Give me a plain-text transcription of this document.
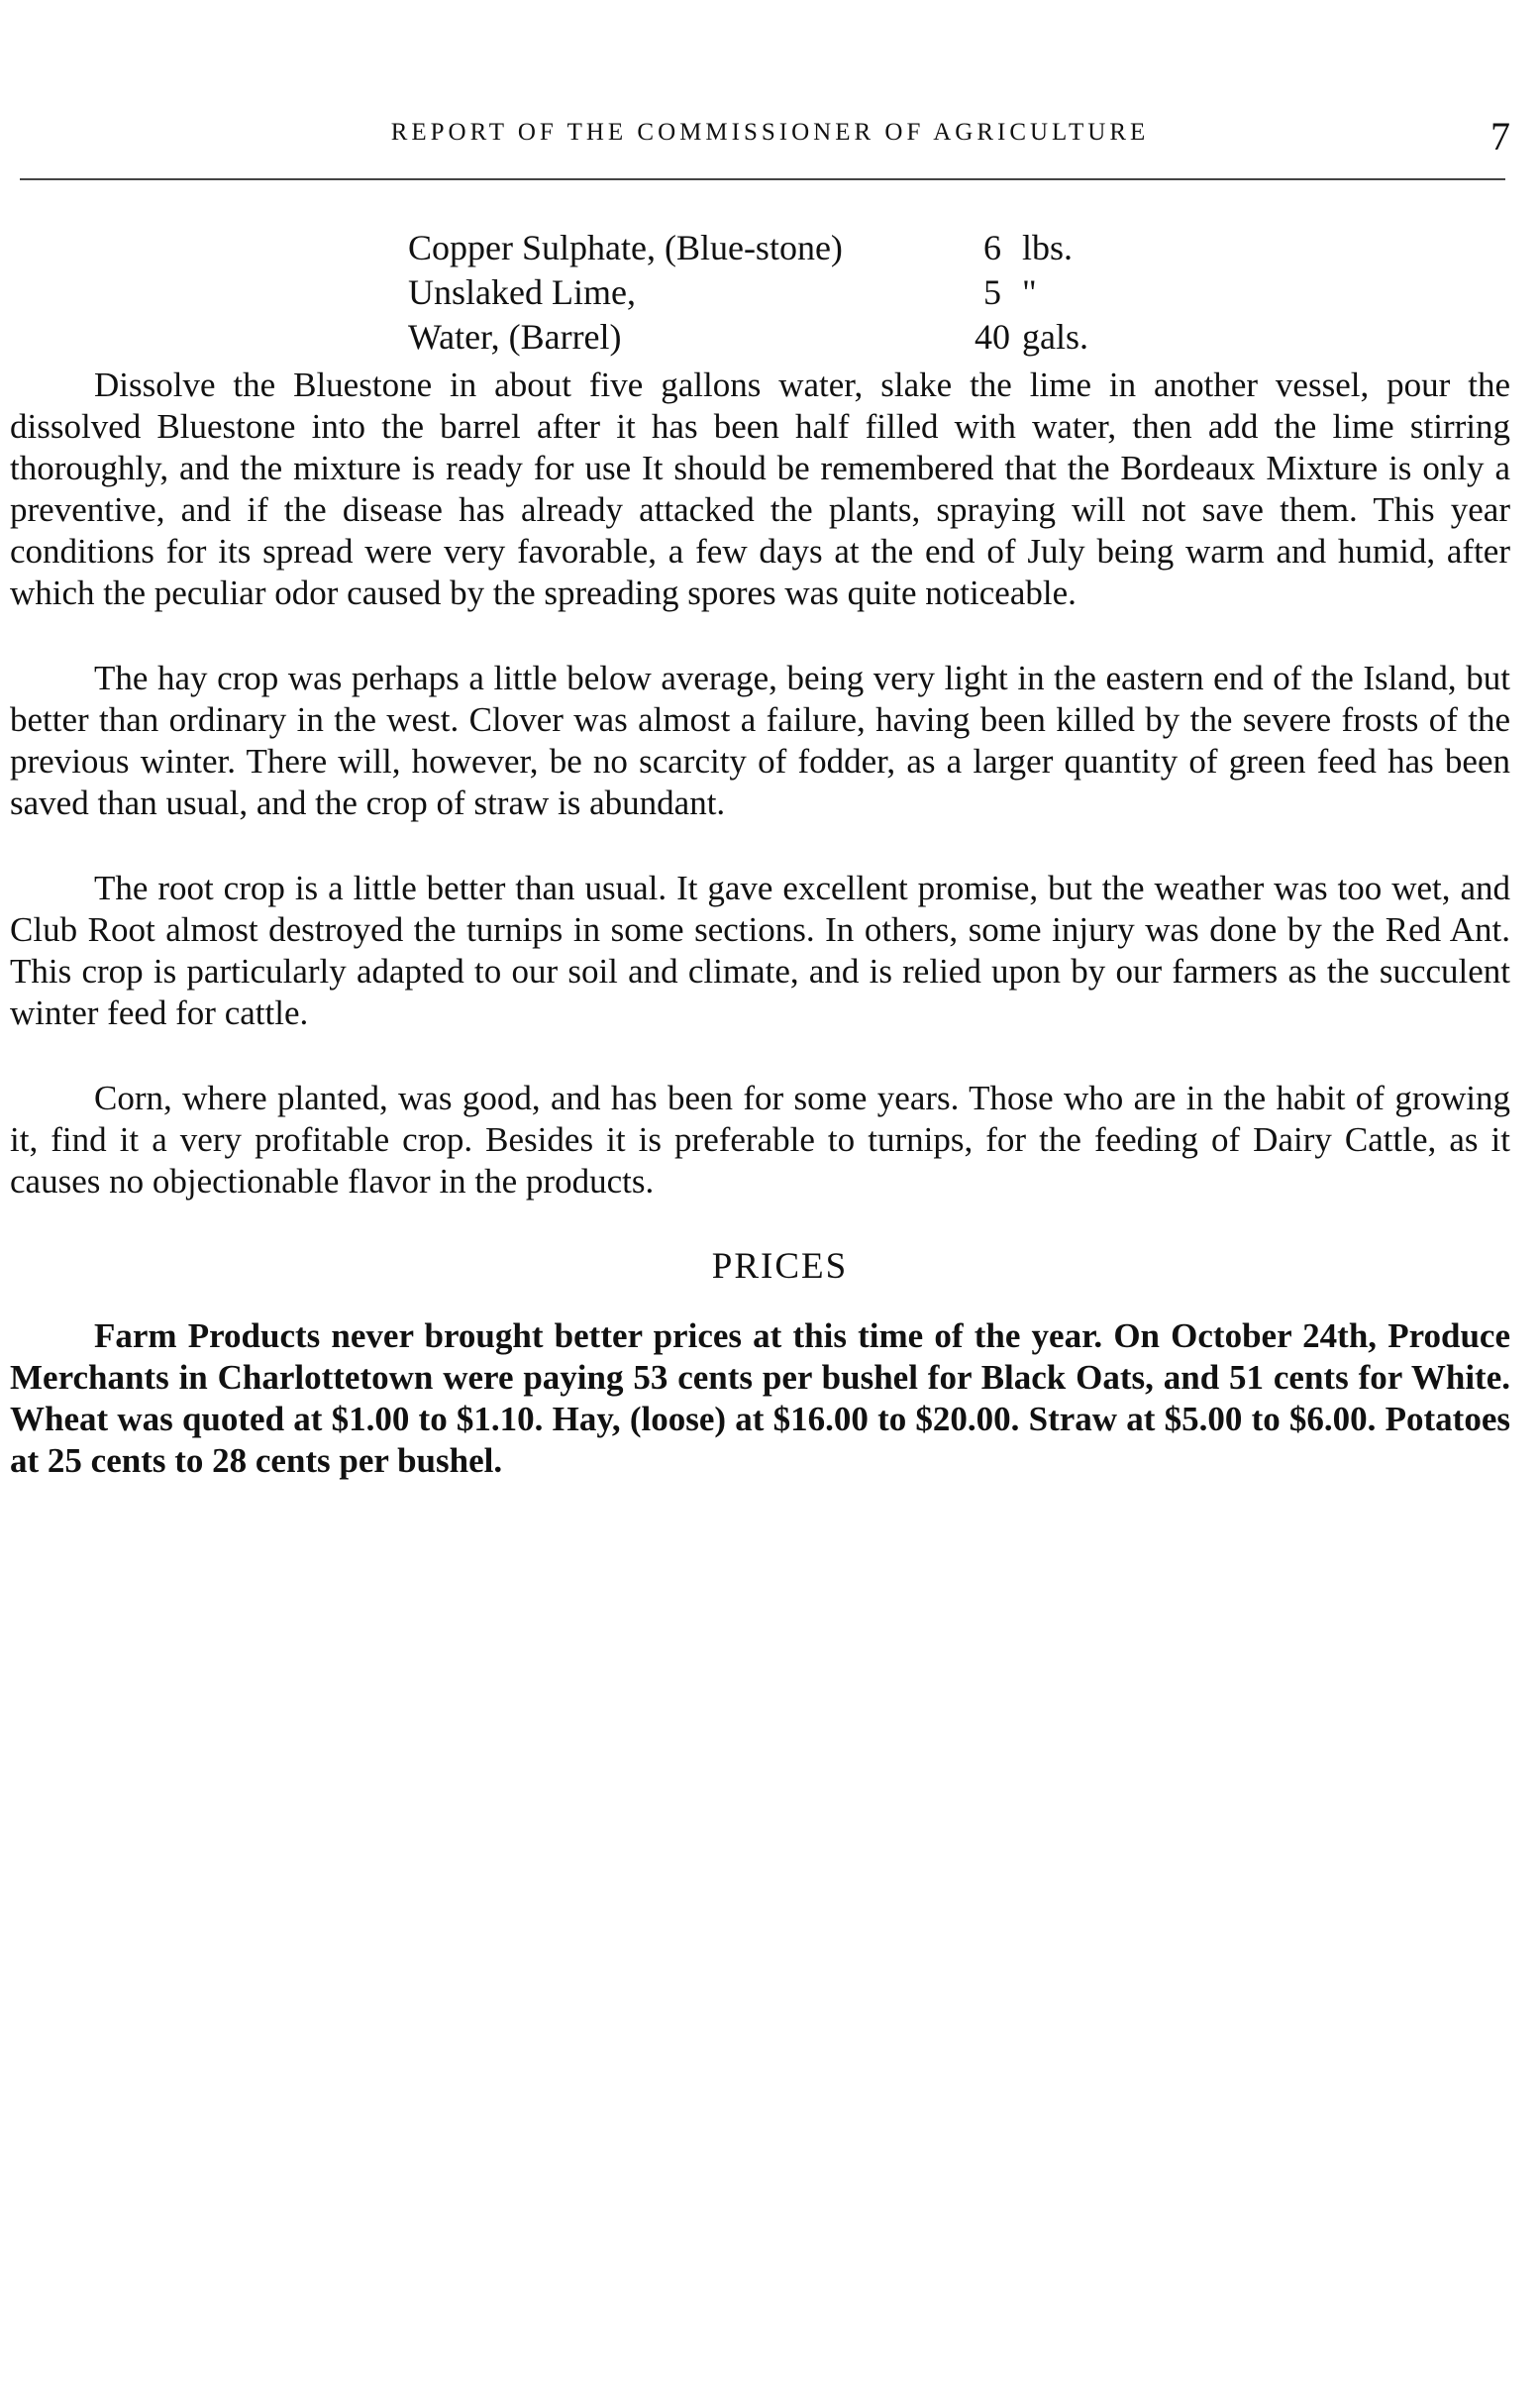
REPORT OF THE COMMISSIONER OF AGRICULTURE	7
Copper Sulphate, (Blue-stone)	6 lbs.
Unslaked Lime,	5 "
Water, (Barrel)	40 gals.

Dissolve the Bluestone in about five gallons water, slake the lime in another vessel, pour the dissolved Bluestone into the barrel after it has been half filled with water, then add the lime stirring thoroughly, and the mixture is ready for use It should be remembered that the Bordeaux Mixture is only a preventive, and if the disease has already attacked the plants, spraying will not save them. This year conditions for its spread were very favorable, a few days at the end of July being warm and humid, after which the peculiar odor caused by the spreading spores was quite noticeable.

The hay crop was perhaps a little below average, being very light in the eastern end of the Island, but better than ordinary in the west. Clover was almost a failure, having been killed by the severe frosts of the previous winter. There will, however, be no scarcity of fodder, as a larger quantity of green feed has been saved than usual, and the crop of straw is abundant.

The root crop is a little better than usual. It gave excellent promise, but the weather was too wet, and Club Root almost destroyed the turnips in some sections. In others, some injury was done by the Red Ant. This crop is particularly adapted to our soil and climate, and is relied upon by our farmers as the succulent winter feed for cattle.

Corn, where planted, was good, and has been for some years. Those who are in the habit of growing it, find it a very profitable crop. Besides it is preferable to turnips, for the feeding of Dairy Cattle, as it causes no objectionable flavor in the products.

PRICES

Farm Products never brought better prices at this time of the year. On October 24th, Produce Merchants in Charlottetown were paying 53 cents per bushel for Black Oats, and 51 cents for White. Wheat was quoted at $1.00 to $1.10. Hay, (loose) at $16.00 to $20.00. Straw at $5.00 to $6.00. Potatoes at 25 cents to 28 cents per bushel.
